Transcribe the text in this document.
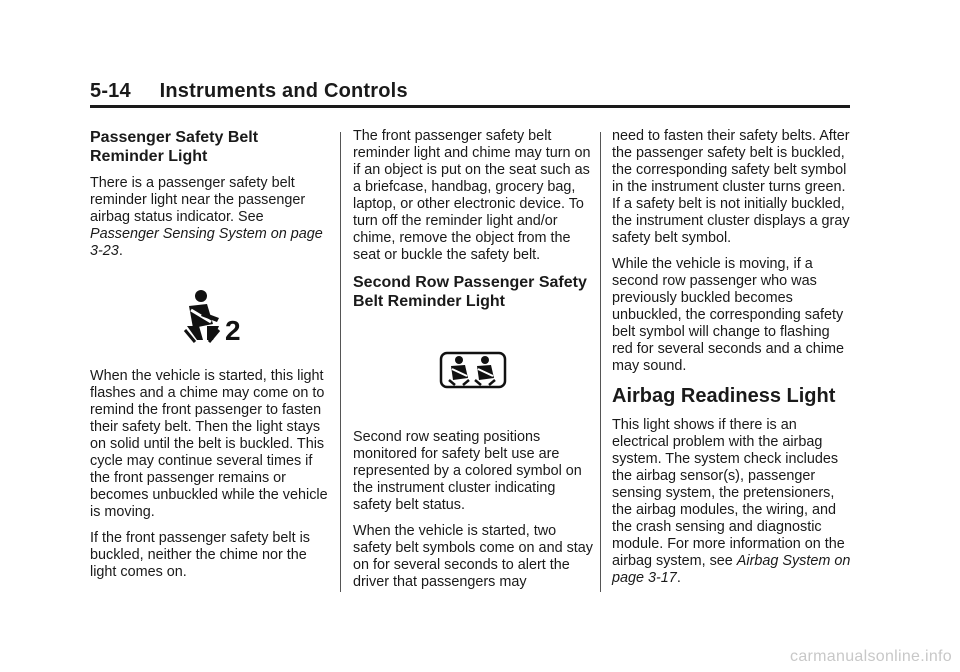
5-14     Instruments and Controls
Passenger Safety Belt Reminder Light

There is a passenger safety belt reminder light near the passenger airbag status indicator. See Passenger Sensing System on page 3-23.

2

When the vehicle is started, this light flashes and a chime may come on to remind the front passenger to fasten their safety belt. Then the light stays on solid until the belt is buckled. This cycle may continue several times if the front passenger remains or becomes unbuckled while the vehicle is moving.

If the front passenger safety belt is buckled, neither the chime nor the light comes on.

The front passenger safety belt reminder light and chime may turn on if an object is put on the seat such as a briefcase, handbag, grocery bag, laptop, or other electronic device. To turn off the reminder light and/or chime, remove the object from the seat or buckle the safety belt.

Second Row Passenger Safety Belt Reminder Light

Second row seating positions monitored for safety belt use are represented by a colored symbol on the instrument cluster indicating safety belt status.

When the vehicle is started, two safety belt symbols come on and stay on for several seconds to alert the driver that passengers may

need to fasten their safety belts. After the passenger safety belt is buckled, the corresponding safety belt symbol in the instrument cluster turns green. If a safety belt is not initially buckled, the instrument cluster displays a gray safety belt symbol.

While the vehicle is moving, if a second row passenger who was previously buckled becomes unbuckled, the corresponding safety belt symbol will change to flashing red for several seconds and a chime may sound.

Airbag Readiness Light

This light shows if there is an electrical problem with the airbag system. The system check includes the airbag sensor(s), passenger sensing system, the pretensioners, the airbag modules, the wiring, and the crash sensing and diagnostic module. For more information on the airbag system, see Airbag System on page 3-17.

carmanualsonline.info
